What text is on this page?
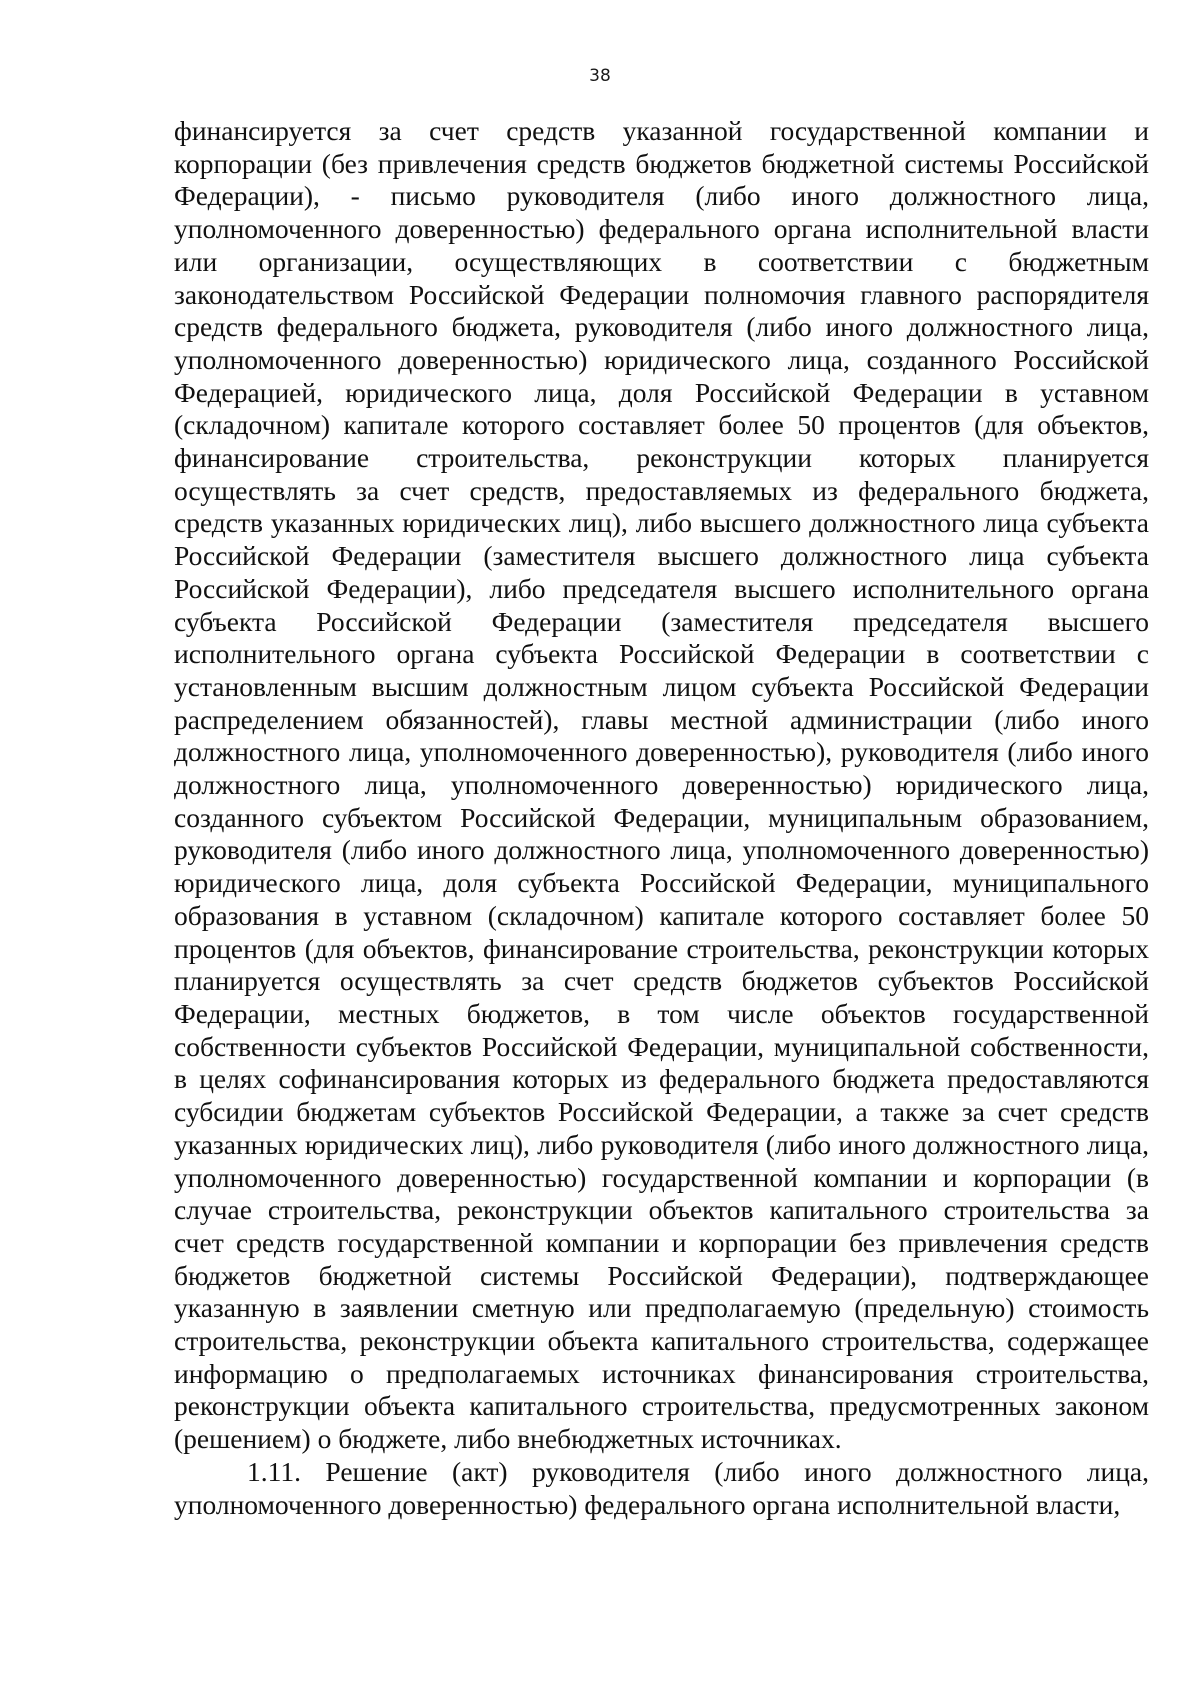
38

финансируется за счет средств указанной государственной компании и корпорации (без привлечения средств бюджетов бюджетной системы Российской Федерации), - письмо руководителя (либо иного должностного лица, уполномоченного доверенностью) федерального органа исполнительной власти или организации, осуществляющих в соответствии с бюджетным законодательством Российской Федерации полномочия главного распорядителя средств федерального бюджета, руководителя (либо иного должностного лица, уполномоченного доверенностью) юридического лица, созданного Российской Федерацией, юридического лица, доля Российской Федерации в уставном (складочном) капитале которого составляет более 50 процентов (для объектов, финансирование строительства, реконструкции которых планируется осуществлять за счет средств, предоставляемых из федерального бюджета, средств указанных юридических лиц), либо высшего должностного лица субъекта Российской Федерации (заместителя высшего должностного лица субъекта Российской Федерации), либо председателя высшего исполнительного органа субъекта Российской Федерации (заместителя председателя высшего исполнительного органа субъекта Российской Федерации в соответствии с установленным высшим должностным лицом субъекта Российской Федерации распределением обязанностей), главы местной администрации (либо иного должностного лица, уполномоченного доверенностью), руководителя (либо иного должностного лица, уполномоченного доверенностью) юридического лица, созданного субъектом Российской Федерации, муниципальным образованием, руководителя (либо иного должностного лица, уполномоченного доверенностью) юридического лица, доля субъекта Российской Федерации, муниципального образования в уставном (складочном) капитале которого составляет более 50 процентов (для объектов, финансирование строительства, реконструкции которых планируется осуществлять за счет средств бюджетов субъектов Российской Федерации, местных бюджетов, в том числе объектов государственной собственности субъектов Российской Федерации, муниципальной собственности, в целях софинансирования которых из федерального бюджета предоставляются субсидии бюджетам субъектов Российской Федерации, а также за счет средств указанных юридических лиц), либо руководителя (либо иного должностного лица, уполномоченного доверенностью) государственной компании и корпорации (в случае строительства, реконструкции объектов капитального строительства за счет средств государственной компании и корпорации без привлечения средств бюджетов бюджетной системы Российской Федерации), подтверждающее указанную в заявлении сметную или предполагаемую (предельную) стоимость строительства, реконструкции объекта капитального строительства, содержащее информацию о предполагаемых источниках финансирования строительства, реконструкции объекта капитального строительства, предусмотренных законом (решением) о бюджете, либо внебюджетных источниках.

1.11. Решение (акт) руководителя (либо иного должностного лица, уполномоченного доверенностью) федерального органа исполнительной власти,
